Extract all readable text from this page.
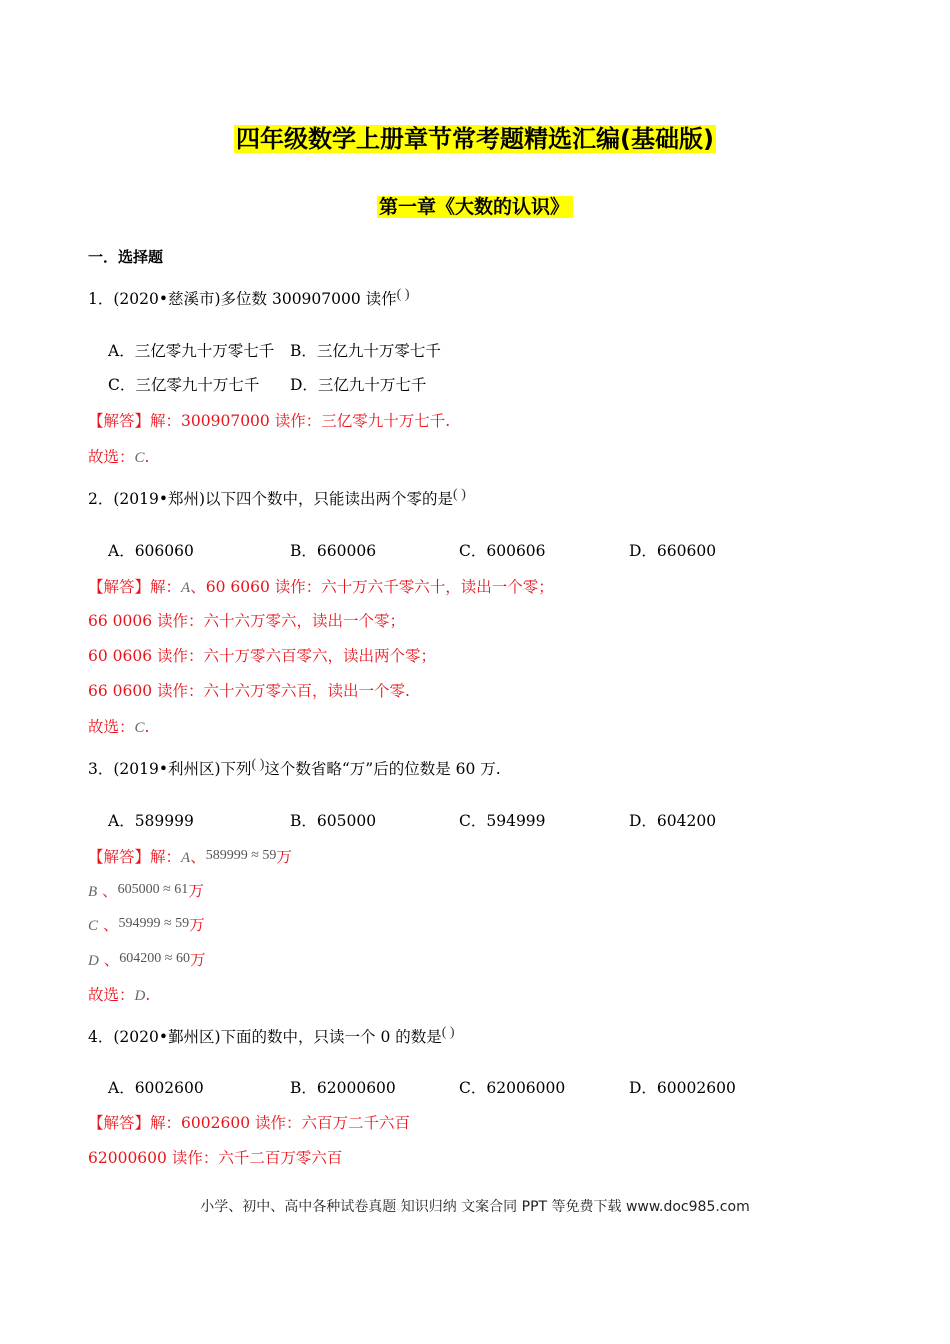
四年级数学上册章节常考题精选汇编(基础版)
第一章《大数的认识》
一．选择题
1．(2020•慈溪市)多位数 300907000 读作( )
A．三亿零九十万零七千 B．三亿九十万零七千
C．三亿零九十万七千 D．三亿九十万七千
【解答】解：300907000 读作：三亿零九十万七千.
故选：C.
2．(2019•郑州)以下四个数中，只能读出两个零的是( )
A．606060	B．660006	C．600606	D．660600
【解答】解：A、60 6060 读作：六十万六千零六十，读出一个零；
66 0006 读作：六十六万零六，读出一个零；
60 0606 读作：六十万零六百零六，读出两个零；
66 0600 读作：六十六万零六百，读出一个零.
故选：C.
3．(2019•利州区)下列( )这个数省略“万”后的位数是 60 万.
A．589999	B．605000	C．594999	D．604200
【解答】解：A、589999 ≈ 59万
B 、605000 ≈ 61万
C 、594999 ≈ 59万
D 、604200 ≈ 60万
故选：D.
4．(2020•鄞州区)下面的数中，只读一个 0 的数是( )
A．6002600	B．62000600	C．62006000	D．60002600
【解答】解：6002600 读作：六百万二千六百
62000600 读作：六千二百万零六百
小学、初中、高中各种试卷真题 知识归纳 文案合同 PPT 等免费下载 www.doc985.com
